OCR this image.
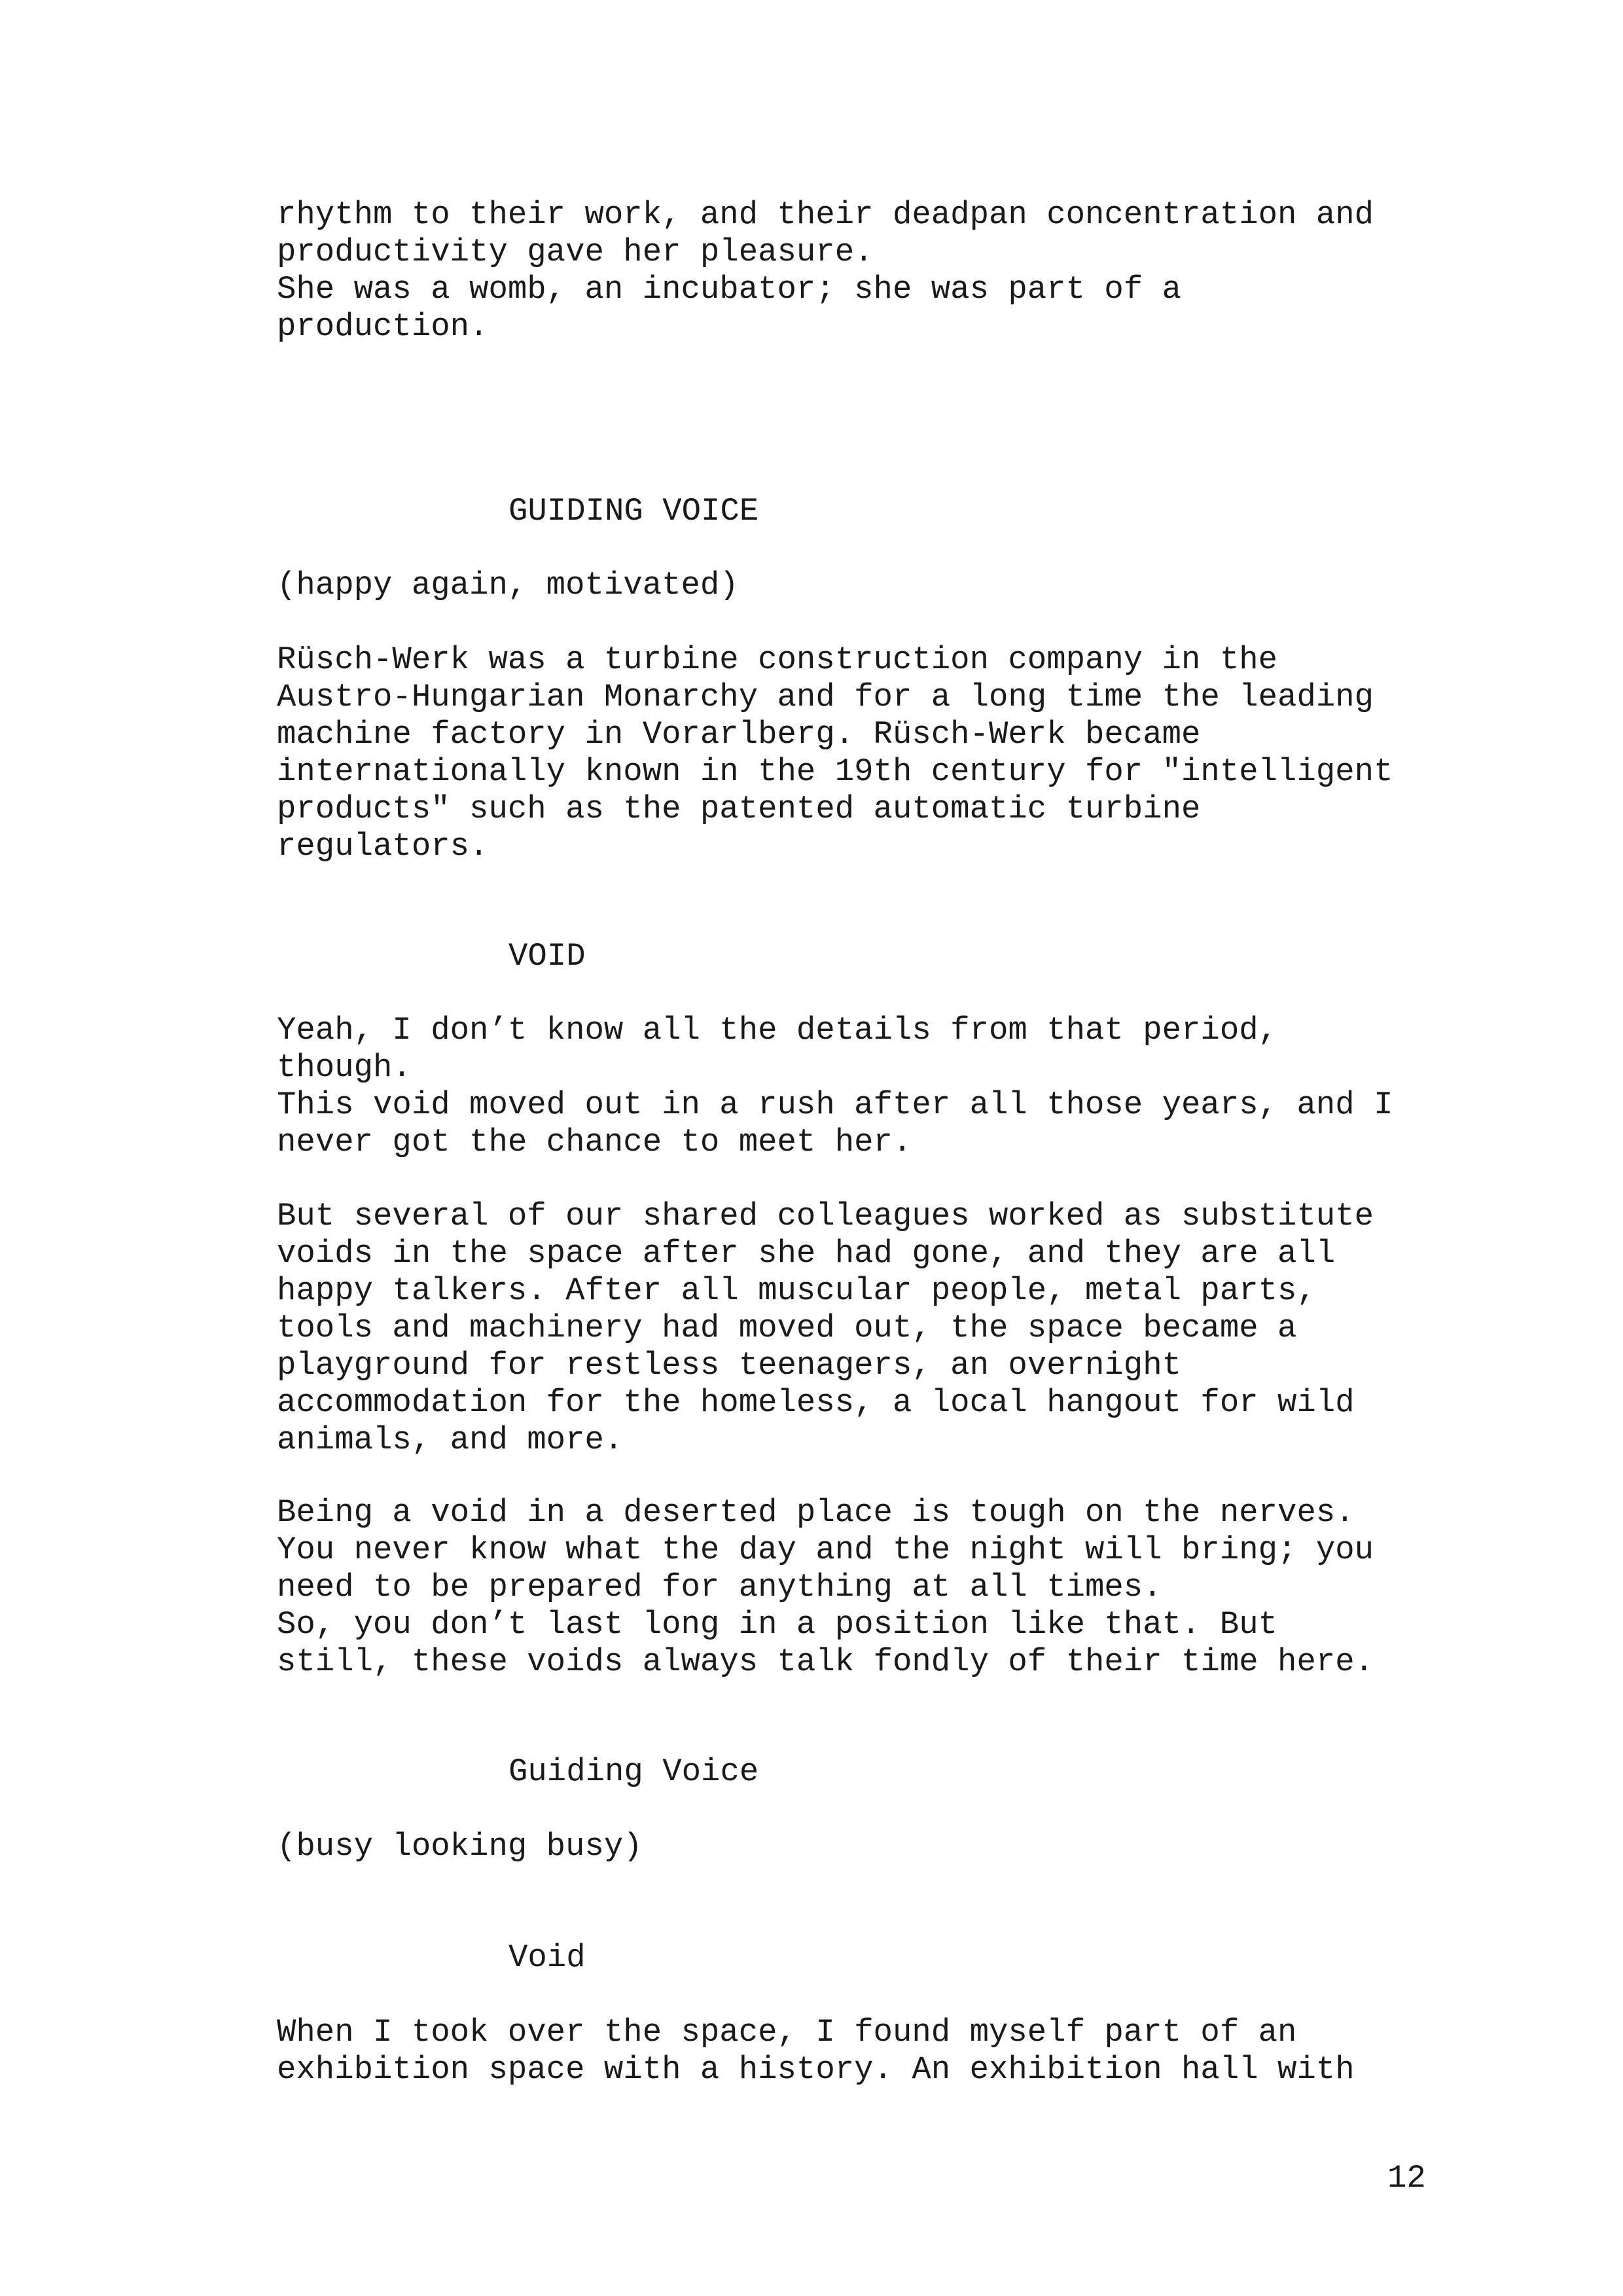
rhythm to their work, and their deadpan concentration and
productivity gave her pleasure.
She was a womb, an incubator; she was part of a
production.

GUIDING VOICE

(happy again, motivated)

Rüsch-Werk was a turbine construction company in the
Austro-Hungarian Monarchy and for a long time the leading
machine factory in Vorarlberg. Rüsch-Werk became
internationally known in the 19th century for "intelligent
products" such as the patented automatic turbine
regulators.

VOID

Yeah, I don’t know all the details from that period,
though.
This void moved out in a rush after all those years, and I
never got the chance to meet her.

But several of our shared colleagues worked as substitute
voids in the space after she had gone, and they are all
happy talkers. After all muscular people, metal parts,
tools and machinery had moved out, the space became a
playground for restless teenagers, an overnight
accommodation for the homeless, a local hangout for wild
animals, and more.

Being a void in a deserted place is tough on the nerves.
You never know what the day and the night will bring; you
need to be prepared for anything at all times.
So, you don’t last long in a position like that. But
still, these voids always talk fondly of their time here.

Guiding Voice

(busy looking busy)

Void

When I took over the space, I found myself part of an
exhibition space with a history. An exhibition hall with

12
